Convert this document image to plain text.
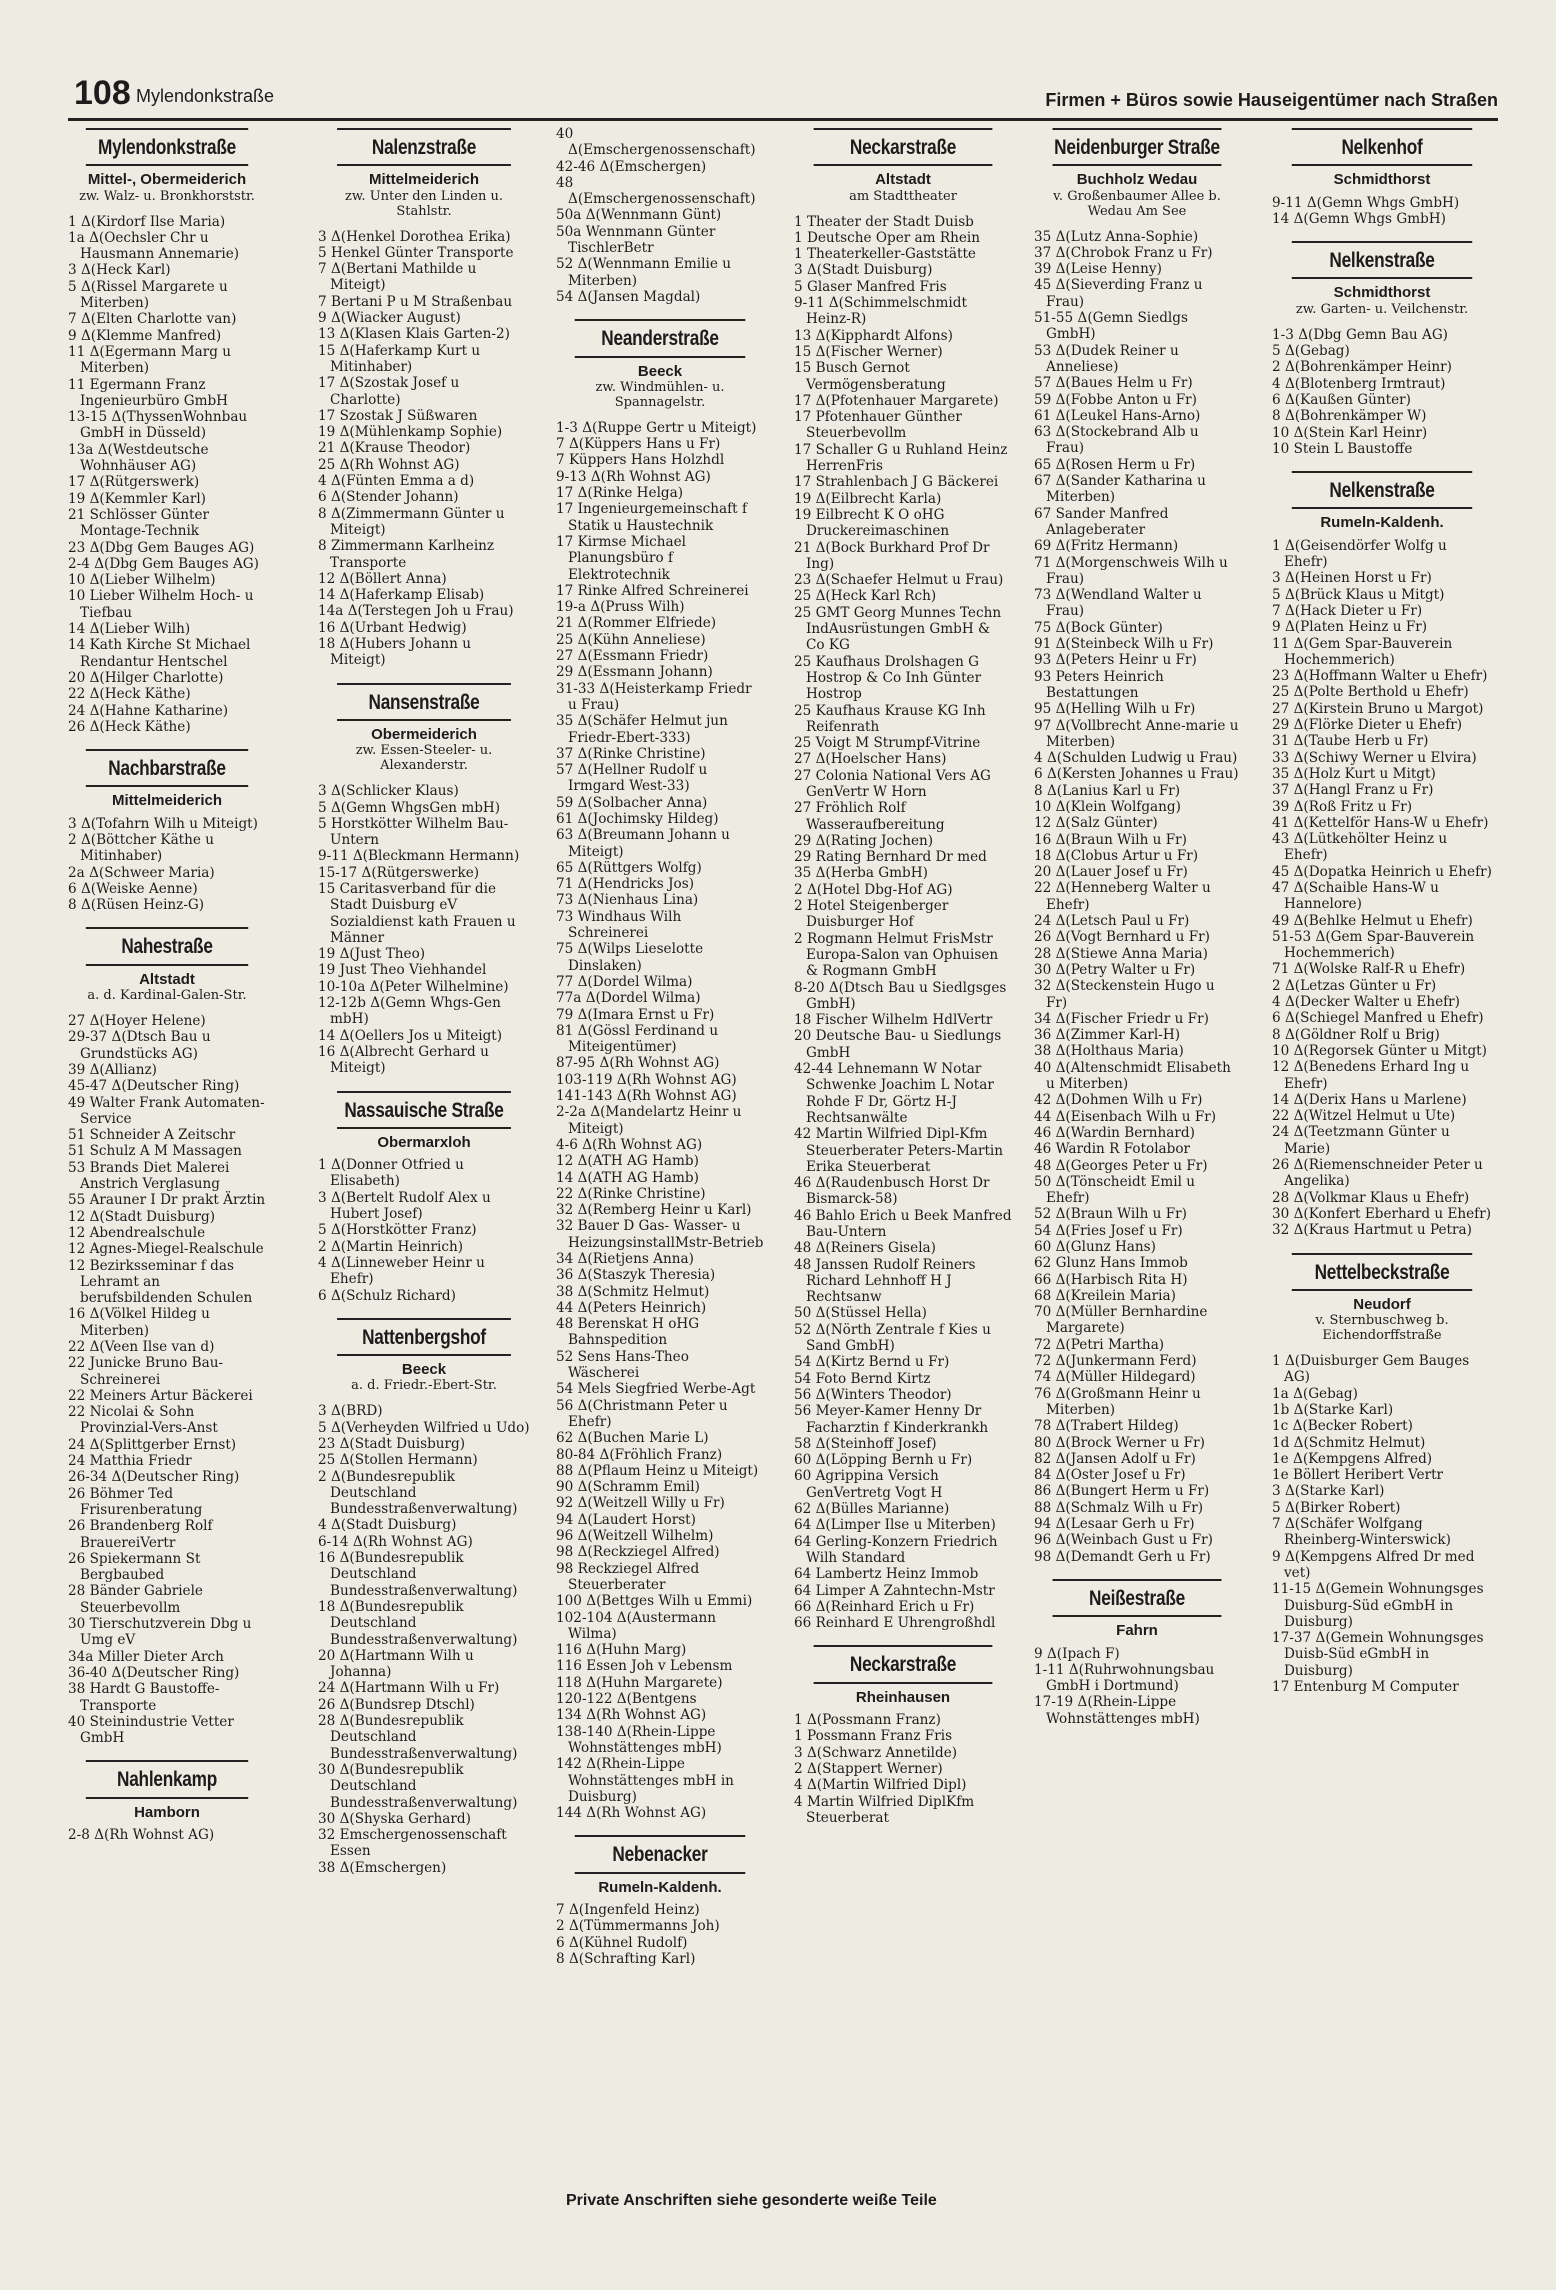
108 Mylendonkstraße	Firmen + Büros sowie Hauseigentümer nach Straßen
Mylendonkstraße
Mittel-, Obermeiderich
zw. Walz- u. Bronkhorststr.
1 Δ(Kirdorf Ilse Maria)
1a Δ(Oechsler Chr u Hausmann Annemarie)
3 Δ(Heck Karl)
5 Δ(Rissel Margarete u Miterben)
7 Δ(Elten Charlotte van)
9 Δ(Klemme Manfred)
11 Δ(Egermann Marg u Miterben)
11 Egermann Franz Ingenieurbüro GmbH
13-15 Δ(ThyssenWohnbau GmbH in Düsseld)
13a Δ(Westdeutsche Wohnhäuser AG)
17 Δ(Rütgerswerk)
19 Δ(Kemmler Karl)
21 Schlösser Günter Montage-Technik
23 Δ(Dbg Gem Bauges AG)
2-4 Δ(Dbg Gem Bauges AG)
10 Δ(Lieber Wilhelm)
10 Lieber Wilhelm Hoch- u Tiefbau
14 Δ(Lieber Wilh)
14 Kath Kirche St Michael Rendantur Hentschel
20 Δ(Hilger Charlotte)
22 Δ(Heck Käthe)
24 Δ(Hahne Katharine)
26 Δ(Heck Käthe)
Nachbarstraße
Mittelmeiderich
3 Δ(Tofahrn Wilh u Miteigt)
2 Δ(Böttcher Käthe u Mitinhaber)
2a Δ(Schweer Maria)
6 Δ(Weiske Aenne)
8 Δ(Rüsen Heinz-G)
Nahestraße
Altstadt
a. d. Kardinal-Galen-Str.
27 Δ(Hoyer Helene)
29-37 Δ(Dtsch Bau u Grundstücks AG)
39 Δ(Allianz)
45-47 Δ(Deutscher Ring)
49 Walter Frank Automaten-Service
51 Schneider A Zeitschr
51 Schulz A M Massagen
53 Brands Diet Malerei Anstrich Verglasung
55 Arauner I Dr prakt Ärztin
12 Δ(Stadt Duisburg)
12 Abendrealschule
12 Agnes-Miegel-Realschule
12 Bezirksseminar f das Lehramt an berufsbildenden Schulen
16 Δ(Völkel Hildeg u Miterben)
22 Δ(Veen Ilse van d)
22 Junicke Bruno Bau-Schreinerei
22 Meiners Artur Bäckerei
22 Nicolai & Sohn Provinzial-Vers-Anst
24 Δ(Splittgerber Ernst)
24 Matthia Friedr
26-34 Δ(Deutscher Ring)
26 Böhmer Ted Frisurenberatung
26 Brandenberg Rolf BrauereiVertr
26 Spiekermann St Bergbaubed
28 Bänder Gabriele Steuerbevollm
30 Tierschutzverein Dbg u Umg eV
34a Miller Dieter Arch
36-40 Δ(Deutscher Ring)
38 Hardt G Baustoffe-Transporte
40 Steinindustrie Vetter GmbH
Nahlenkamp
Hamborn
2-8 Δ(Rh Wohnst AG)
Nalenzstraße
Mittelmeiderich
zw. Unter den Linden u. Stahlstr.
3 Δ(Henkel Dorothea Erika)
5 Henkel Günter Transporte
7 Δ(Bertani Mathilde u Miteigt)
7 Bertani P u M Straßenbau
9 Δ(Wiacker August)
13 Δ(Klasen Klais Garten-2)
15 Δ(Haferkamp Kurt u Mitinhaber)
17 Δ(Szostak Josef u Charlotte)
17 Szostak J Süßwaren
19 Δ(Mühlenkamp Sophie)
21 Δ(Krause Theodor)
25 Δ(Rh Wohnst AG)
4 Δ(Fünten Emma a d)
6 Δ(Stender Johann)
8 Δ(Zimmermann Günter u Miteigt)
8 Zimmermann Karlheinz Transporte
12 Δ(Böllert Anna)
14 Δ(Haferkamp Elisab)
14a Δ(Terstegen Joh u Frau)
16 Δ(Urbant Hedwig)
18 Δ(Hubers Johann u Miteigt)
Nansenstraße
Obermeiderich
zw. Essen-Steeler- u. Alexanderstr.
3 Δ(Schlicker Klaus)
5 Δ(Gemn WhgsGen mbH)
5 Horstkötter Wilhelm Bau-Untern
9-11 Δ(Bleckmann Hermann)
15-17 Δ(Rütgerswerke)
15 Caritasverband für die Stadt Duisburg eV Sozialdienst kath Frauen u Männer
19 Δ(Just Theo)
19 Just Theo Viehhandel
10-10a Δ(Peter Wilhelmine)
12-12b Δ(Gemn Whgs-Gen mbH)
14 Δ(Oellers Jos u Miteigt)
16 Δ(Albrecht Gerhard u Miteigt)
Nassauische Straße
Obermarxloh
1 Δ(Donner Otfried u Elisabeth)
3 Δ(Bertelt Rudolf Alex u Hubert Josef)
5 Δ(Horstkötter Franz)
2 Δ(Martin Heinrich)
4 Δ(Linneweber Heinr u Ehefr)
6 Δ(Schulz Richard)
Nattenbergshof
Beeck
a. d. Friedr.-Ebert-Str.
3 Δ(BRD)
5 Δ(Verheyden Wilfried u Udo)
23 Δ(Stadt Duisburg)
25 Δ(Stollen Hermann)
2 Δ(Bundesrepublik Deutschland Bundesstraßenverwaltung)
4 Δ(Stadt Duisburg)
6-14 Δ(Rh Wohnst AG)
16 Δ(Bundesrepublik Deutschland Bundesstraßenverwaltung)
18 Δ(Bundesrepublik Deutschland Bundesstraßenverwaltung)
20 Δ(Hartmann Wilh u Johanna)
24 Δ(Hartmann Wilh u Fr)
26 Δ(Bundsrep Dtschl)
28 Δ(Bundesrepublik Deutschland Bundesstraßenverwaltung)
30 Δ(Bundesrepublik Deutschland Bundesstraßenverwaltung)
30 Δ(Shyska Gerhard)
32 Emschergenossenschaft Essen
38 Δ(Emschergen)
40 Δ(Emschergenossenschaft)
42-46 Δ(Emschergen)
48 Δ(Emschergenossenschaft)
50a Δ(Wennmann Günt)
50a Wennmann Günter TischlerBetr
52 Δ(Wennmann Emilie u Miterben)
54 Δ(Jansen Magdal)
Neanderstraße
Beeck
zw. Windmühlen- u. Spannagelstr.
1-3 Δ(Ruppe Gertr u Miteigt)
7 Δ(Küppers Hans u Fr)
7 Küppers Hans Holzhdl
9-13 Δ(Rh Wohnst AG)
17 Δ(Rinke Helga)
17 Ingenieurgemeinschaft f Statik u Haustechnik
17 Kirmse Michael Planungsbüro f Elektrotechnik
17 Rinke Alfred Schreinerei
19-a Δ(Pruss Wilh)
21 Δ(Rommer Elfriede)
25 Δ(Kühn Anneliese)
27 Δ(Essmann Friedr)
29 Δ(Essmann Johann)
31-33 Δ(Heisterkamp Friedr u Frau)
35 Δ(Schäfer Helmut jun Friedr-Ebert-333)
37 Δ(Rinke Christine)
57 Δ(Hellner Rudolf u Irmgard West-33)
59 Δ(Solbacher Anna)
61 Δ(Jochimsky Hildeg)
63 Δ(Breumann Johann u Miteigt)
65 Δ(Rüttgers Wolfg)
71 Δ(Hendricks Jos)
73 Δ(Nienhaus Lina)
73 Windhaus Wilh Schreinerei
75 Δ(Wilps Lieselotte Dinslaken)
77 Δ(Dordel Wilma)
77a Δ(Dordel Wilma)
79 Δ(Imara Ernst u Fr)
81 Δ(Gössl Ferdinand u Miteigentümer)
87-95 Δ(Rh Wohnst AG)
103-119 Δ(Rh Wohnst AG)
141-143 Δ(Rh Wohnst AG)
2-2a Δ(Mandelartz Heinr u Miteigt)
4-6 Δ(Rh Wohnst AG)
12 Δ(ATH AG Hamb)
14 Δ(ATH AG Hamb)
22 Δ(Rinke Christine)
32 Δ(Remberg Heinr u Karl)
32 Bauer D Gas- Wasser- u HeizungsinstallMstr-Betrieb
34 Δ(Rietjens Anna)
36 Δ(Staszyk Theresia)
38 Δ(Schmitz Helmut)
44 Δ(Peters Heinrich)
48 Berenskat H oHG Bahnspedition
52 Sens Hans-Theo Wäscherei
54 Mels Siegfried Werbe-Agt
56 Δ(Christmann Peter u Ehefr)
62 Δ(Buchen Marie L)
80-84 Δ(Fröhlich Franz)
88 Δ(Pflaum Heinz u Miteigt)
90 Δ(Schramm Emil)
92 Δ(Weitzell Willy u Fr)
94 Δ(Laudert Horst)
96 Δ(Weitzell Wilhelm)
98 Δ(Reckziegel Alfred)
98 Reckziegel Alfred Steuerberater
100 Δ(Bettges Wilh u Emmi)
102-104 Δ(Austermann Wilma)
116 Δ(Huhn Marg)
116 Essen Joh v Lebensm
118 Δ(Huhn Margarete)
120-122 Δ(Bentgens
134 Δ(Rh Wohnst AG)
138-140 Δ(Rhein-Lippe Wohnstättenges mbH)
142 Δ(Rhein-Lippe Wohnstättenges mbH in Duisburg)
144 Δ(Rh Wohnst AG)
Nebenacker
Rumeln-Kaldenh.
7 Δ(Ingenfeld Heinz)
2 Δ(Tümmermanns Joh)
6 Δ(Kühnel Rudolf)
8 Δ(Schrafting Karl)
Neckarstraße
Altstadt
am Stadttheater
1 Theater der Stadt Duisb
1 Deutsche Oper am Rhein
1 Theaterkeller-Gaststätte
3 Δ(Stadt Duisburg)
5 Glaser Manfred Fris
9-11 Δ(Schimmelschmidt Heinz-R)
13 Δ(Kipphardt Alfons)
15 Δ(Fischer Werner)
15 Busch Gernot Vermögensberatung
17 Δ(Pfotenhauer Margarete)
17 Pfotenhauer Günther Steuerbevollm
17 Schaller G u Ruhland Heinz HerrenFris
17 Strahlenbach J G Bäckerei
19 Δ(Eilbrecht Karla)
19 Eilbrecht K O oHG Druckereimaschinen
21 Δ(Bock Burkhard Prof Dr Ing)
23 Δ(Schaefer Helmut u Frau)
25 Δ(Heck Karl Rch)
25 GMT Georg Munnes Techn IndAusrüstungen GmbH & Co KG
25 Kaufhaus Drolshagen G Hostrop & Co Inh Günter Hostrop
25 Kaufhaus Krause KG Inh Reifenrath
25 Voigt M Strumpf-Vitrine
27 Δ(Hoelscher Hans)
27 Colonia National Vers AG GenVertr W Horn
27 Fröhlich Rolf Wasseraufbereitung
29 Δ(Rating Jochen)
29 Rating Bernhard Dr med
35 Δ(Herba GmbH)
2 Δ(Hotel Dbg-Hof AG)
2 Hotel Steigenberger Duisburger Hof
2 Rogmann Helmut FrisMstr Europa-Salon van Ophuisen & Rogmann GmbH
8-20 Δ(Dtsch Bau u Siedlgsges GmbH)
18 Fischer Wilhelm HdlVertr
20 Deutsche Bau- u Siedlungs GmbH
42-44 Lehnemann W Notar Schwenke Joachim L Notar Rohde F Dr, Görtz H-J Rechtsanwälte
42 Martin Wilfried Dipl-Kfm Steuerberater Peters-Martin Erika Steuerberat
46 Δ(Raudenbusch Horst Dr Bismarck-58)
46 Bahlo Erich u Beek Manfred Bau-Untern
48 Δ(Reiners Gisela)
48 Janssen Rudolf Reiners Richard Lehnhoff H J Rechtsanw
50 Δ(Stüssel Hella)
52 Δ(Nörth Zentrale f Kies u Sand GmbH)
54 Δ(Kirtz Bernd u Fr)
54 Foto Bernd Kirtz
56 Δ(Winters Theodor)
56 Meyer-Kamer Henny Dr Facharztin f Kinderkrankh
58 Δ(Steinhoff Josef)
60 Δ(Löpping Bernh u Fr)
60 Agrippina Versich GenVertretg Vogt H
62 Δ(Bülles Marianne)
64 Δ(Limper Ilse u Miterben)
64 Gerling-Konzern Friedrich Wilh Standard
64 Lambertz Heinz Immob
64 Limper A Zahntechn-Mstr
66 Δ(Reinhard Erich u Fr)
66 Reinhard E Uhrengroßhdl
Neckarstraße
Rheinhausen
1 Δ(Possmann Franz)
1 Possmann Franz Fris
3 Δ(Schwarz Annetilde)
2 Δ(Stappert Werner)
4 Δ(Martin Wilfried Dipl)
4 Martin Wilfried DiplKfm Steuerberat
Neidenburger Straße
Buchholz Wedau
v. Großenbaumer Allee b. Wedau Am See
35 Δ(Lutz Anna-Sophie)
37 Δ(Chrobok Franz u Fr)
39 Δ(Leise Henny)
45 Δ(Sieverding Franz u Frau)
51-55 Δ(Gemn Siedlgs GmbH)
53 Δ(Dudek Reiner u Anneliese)
57 Δ(Baues Helm u Fr)
59 Δ(Fobbe Anton u Fr)
61 Δ(Leukel Hans-Arno)
63 Δ(Stockebrand Alb u Frau)
65 Δ(Rosen Herm u Fr)
67 Δ(Sander Katharina u Miterben)
67 Sander Manfred Anlageberater
69 Δ(Fritz Hermann)
71 Δ(Morgenschweis Wilh u Frau)
73 Δ(Wendland Walter u Frau)
75 Δ(Bock Günter)
91 Δ(Steinbeck Wilh u Fr)
93 Δ(Peters Heinr u Fr)
93 Peters Heinrich Bestattungen
95 Δ(Helling Wilh u Fr)
97 Δ(Vollbrecht Anne-marie u Miterben)
4 Δ(Schulden Ludwig u Frau)
6 Δ(Kersten Johannes u Frau)
8 Δ(Lanius Karl u Fr)
10 Δ(Klein Wolfgang)
12 Δ(Salz Günter)
16 Δ(Braun Wilh u Fr)
18 Δ(Clobus Artur u Fr)
20 Δ(Lauer Josef u Fr)
22 Δ(Henneberg Walter u Ehefr)
24 Δ(Letsch Paul u Fr)
26 Δ(Vogt Bernhard u Fr)
28 Δ(Stiewe Anna Maria)
30 Δ(Petry Walter u Fr)
32 Δ(Steckenstein Hugo u Fr)
34 Δ(Fischer Friedr u Fr)
36 Δ(Zimmer Karl-H)
38 Δ(Holthaus Maria)
40 Δ(Altenschmidt Elisabeth u Miterben)
42 Δ(Dohmen Wilh u Fr)
44 Δ(Eisenbach Wilh u Fr)
46 Δ(Wardin Bernhard)
46 Wardin R Fotolabor
48 Δ(Georges Peter u Fr)
50 Δ(Tönscheidt Emil u Ehefr)
52 Δ(Braun Wilh u Fr)
54 Δ(Fries Josef u Fr)
60 Δ(Glunz Hans)
62 Glunz Hans Immob
66 Δ(Harbisch Rita H)
68 Δ(Kreilein Maria)
70 Δ(Müller Bernhardine Margarete)
72 Δ(Petri Martha)
72 Δ(Junkermann Ferd)
74 Δ(Müller Hildegard)
76 Δ(Großmann Heinr u Miterben)
78 Δ(Trabert Hildeg)
80 Δ(Brock Werner u Fr)
82 Δ(Jansen Adolf u Fr)
84 Δ(Oster Josef u Fr)
86 Δ(Bungert Herm u Fr)
88 Δ(Schmalz Wilh u Fr)
94 Δ(Lesaar Gerh u Fr)
96 Δ(Weinbach Gust u Fr)
98 Δ(Demandt Gerh u Fr)
Neißestraße
Fahrn
9 Δ(Ipach F)
1-11 Δ(Ruhrwohnungsbau GmbH i Dortmund)
17-19 Δ(Rhein-Lippe Wohnstättenges mbH)
Nelkenhof
Schmidthorst
9-11 Δ(Gemn Whgs GmbH)
14 Δ(Gemn Whgs GmbH)
Nelkenstraße
Schmidthorst
zw. Garten- u. Veilchenstr.
1-3 Δ(Dbg Gemn Bau AG)
5 Δ(Gebag)
2 Δ(Bohrenkämper Heinr)
4 Δ(Blotenberg Irmtraut)
6 Δ(Kaußen Günter)
8 Δ(Bohrenkämper W)
10 Δ(Stein Karl Heinr)
10 Stein L Baustoffe
Nelkenstraße
Rumeln-Kaldenh.
1 Δ(Geisendörfer Wolfg u Ehefr)
3 Δ(Heinen Horst u Fr)
5 Δ(Brück Klaus u Mitgt)
7 Δ(Hack Dieter u Fr)
9 Δ(Platen Heinz u Fr)
11 Δ(Gem Spar-Bauverein Hochemmerich)
23 Δ(Hoffmann Walter u Ehefr)
25 Δ(Polte Berthold u Ehefr)
27 Δ(Kirstein Bruno u Margot)
29 Δ(Flörke Dieter u Ehefr)
31 Δ(Taube Herb u Fr)
33 Δ(Schiwy Werner u Elvira)
35 Δ(Holz Kurt u Mitgt)
37 Δ(Hangl Franz u Fr)
39 Δ(Roß Fritz u Fr)
41 Δ(Kettelför Hans-W u Ehefr)
43 Δ(Lütkehölter Heinz u Ehefr)
45 Δ(Dopatka Heinrich u Ehefr)
47 Δ(Schaible Hans-W u Hannelore)
49 Δ(Behlke Helmut u Ehefr)
51-53 Δ(Gem Spar-Bauverein Hochemmerich)
71 Δ(Wolske Ralf-R u Ehefr)
2 Δ(Letzas Günter u Fr)
4 Δ(Decker Walter u Ehefr)
6 Δ(Schiegel Manfred u Ehefr)
8 Δ(Göldner Rolf u Brig)
10 Δ(Regorsek Günter u Mitgt)
12 Δ(Benedens Erhard Ing u Ehefr)
14 Δ(Derix Hans u Marlene)
22 Δ(Witzel Helmut u Ute)
24 Δ(Teetzmann Günter u Marie)
26 Δ(Riemenschneider Peter u Angelika)
28 Δ(Volkmar Klaus u Ehefr)
30 Δ(Konfert Eberhard u Ehefr)
32 Δ(Kraus Hartmut u Petra)
Nettelbeckstraße
Neudorf
v. Sternbuschweg b. Eichendorffstraße
1 Δ(Duisburger Gem Bauges AG)
1a Δ(Gebag)
1b Δ(Starke Karl)
1c Δ(Becker Robert)
1d Δ(Schmitz Helmut)
1e Δ(Kempgens Alfred)
1e Böllert Heribert Vertr
3 Δ(Starke Karl)
5 Δ(Birker Robert)
7 Δ(Schäfer Wolfgang Rheinberg-Winterswick)
9 Δ(Kempgens Alfred Dr med vet)
11-15 Δ(Gemein Wohnungsges Duisburg-Süd eGmbH in Duisburg)
17-37 Δ(Gemein Wohnungsges Duisb-Süd eGmbH in Duisburg)
17 Entenburg M Computer
Private Anschriften siehe gesonderte weiße Teile
